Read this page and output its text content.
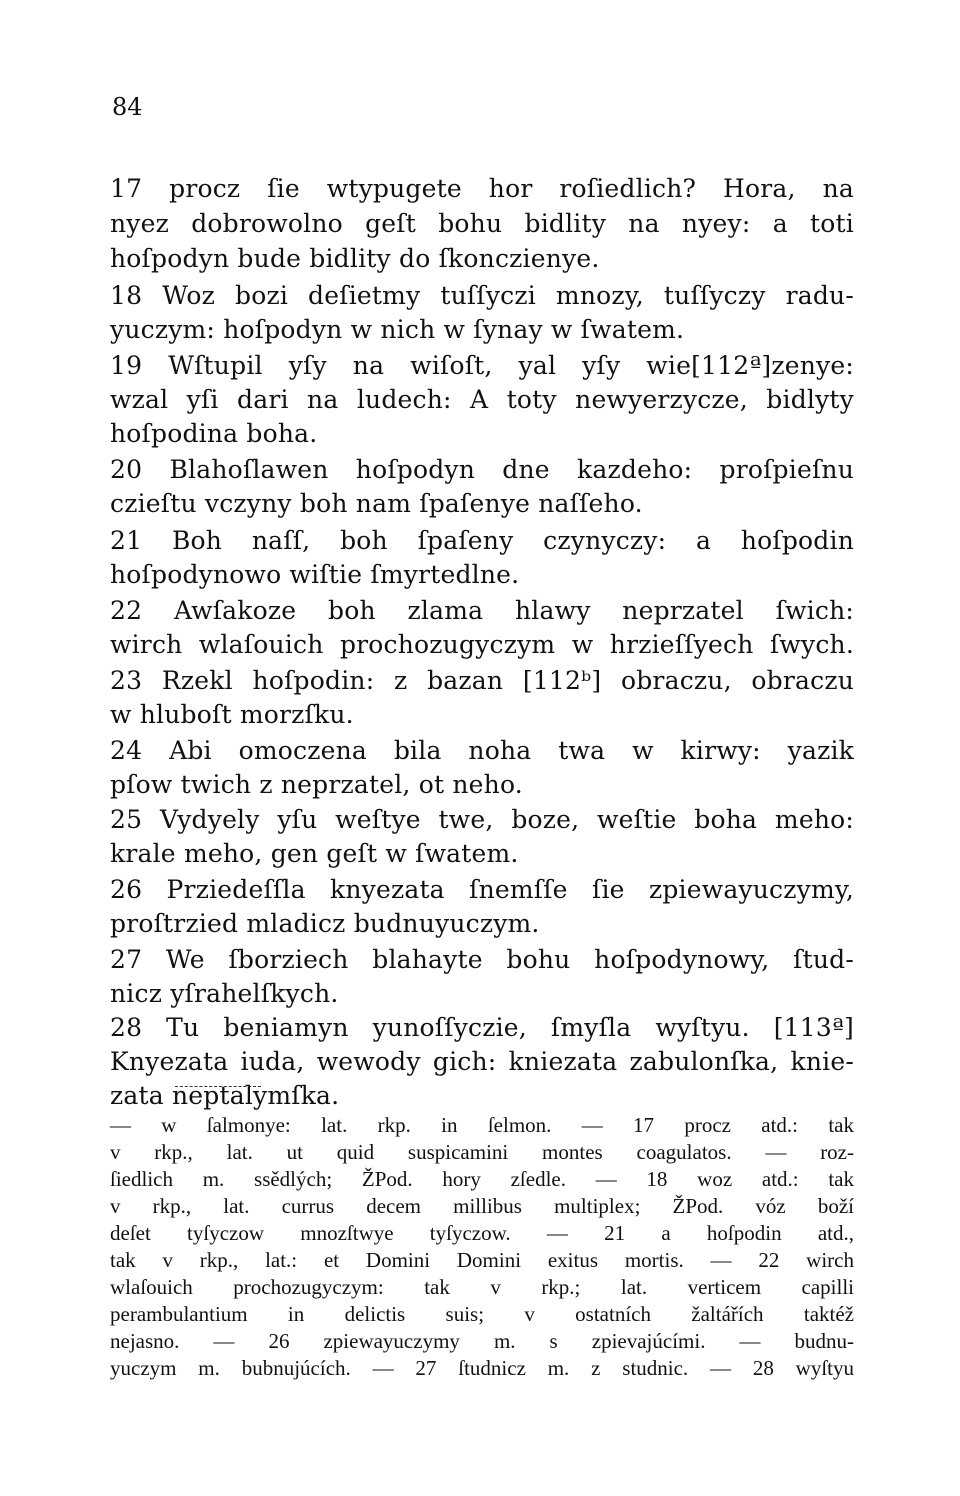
84
17 procz ſie wtypugete hor roſiedlich? Hora, na
nyez dobrowolno geſt bohu bidlity na nyey: a toti
hoſpodyn bude bidlity do ſkonczienye.
18 Woz bozi deſietmy tuſſyczi mnozy, tuſſyczy radu-
yuczym: hoſpodyn w nich w ſynay w ſwatem.
19 Wſtupil yſy na wiſoſt, yal yſy wie[112ª]zenye:
wzal yſi dari na ludech: A toty newyerzycze, bidlyty
hoſpodina boha.
20 Blahoſlawen hoſpodyn dne kazdeho: proſpieſnu
czieſtu vczyny boh nam ſpaſenye naſſeho.
21 Boh naſſ, boh ſpaſeny czynyczy: a hoſpodin
hoſpodynowo wiſtie ſmyrtedlne.
22 Awſakoze boh zlama hlawy neprzatel ſwich:
wirch wlaſouich prochozugyczym w hrzieſſyech ſwych.
23 Rzekl hoſpodin: z bazan [112ᵇ] obraczu, obraczu
w hluboſt morzſku.
24 Abi omoczena bila noha twa w kirwy: yazik
pſow twich z neprzatel, ot neho.
25 Vydyely yſu weſtye twe, boze, weſtie boha meho:
krale meho, gen geſt w ſwatem.
26 Prziedeſſla knyezata ſnemſſe ſie zpiewayuczymy,
proſtrzied mladicz budnuyuczym.
27 We ſborziech blahayte bohu hoſpodynowy, ſtud-
nicz yſrahelſkych.
28 Tu beniamyn yunoſſyczie, ſmyſla wyſtyu. [113ª]
Knyezata iuda, wewody gich: kniezata zabulonſka, knie-
zata neptalymſka.
— w ſalmonye: lat. rkp. in ſelmon. — 17 procz atd.: tak
v rkp., lat. ut quid suspicamini montes coagulatos. — roz-
ſiedlich m. ssědlých; ŽPod. hory zſedle. — 18 woz atd.: tak
v rkp., lat. currus decem millibus multiplex; ŽPod. vóz boží
deſet tyſyczow mnozſtwye tyſyczow. — 21 a hoſpodin atd.,
tak v rkp., lat.: et Domini Domini exitus mortis. — 22 wirch
wlaſouich prochozugyczym: tak v rkp.; lat. verticem capilli
perambulantium in delictis suis; v ostatních žaltářích taktéž
nejasno. — 26 zpiewayuczymy m. s zpievajúcími. — budnu-
yuczym m. bubnujúcích. — 27 ſtudnicz m. z studnic. — 28 wyſtyu
